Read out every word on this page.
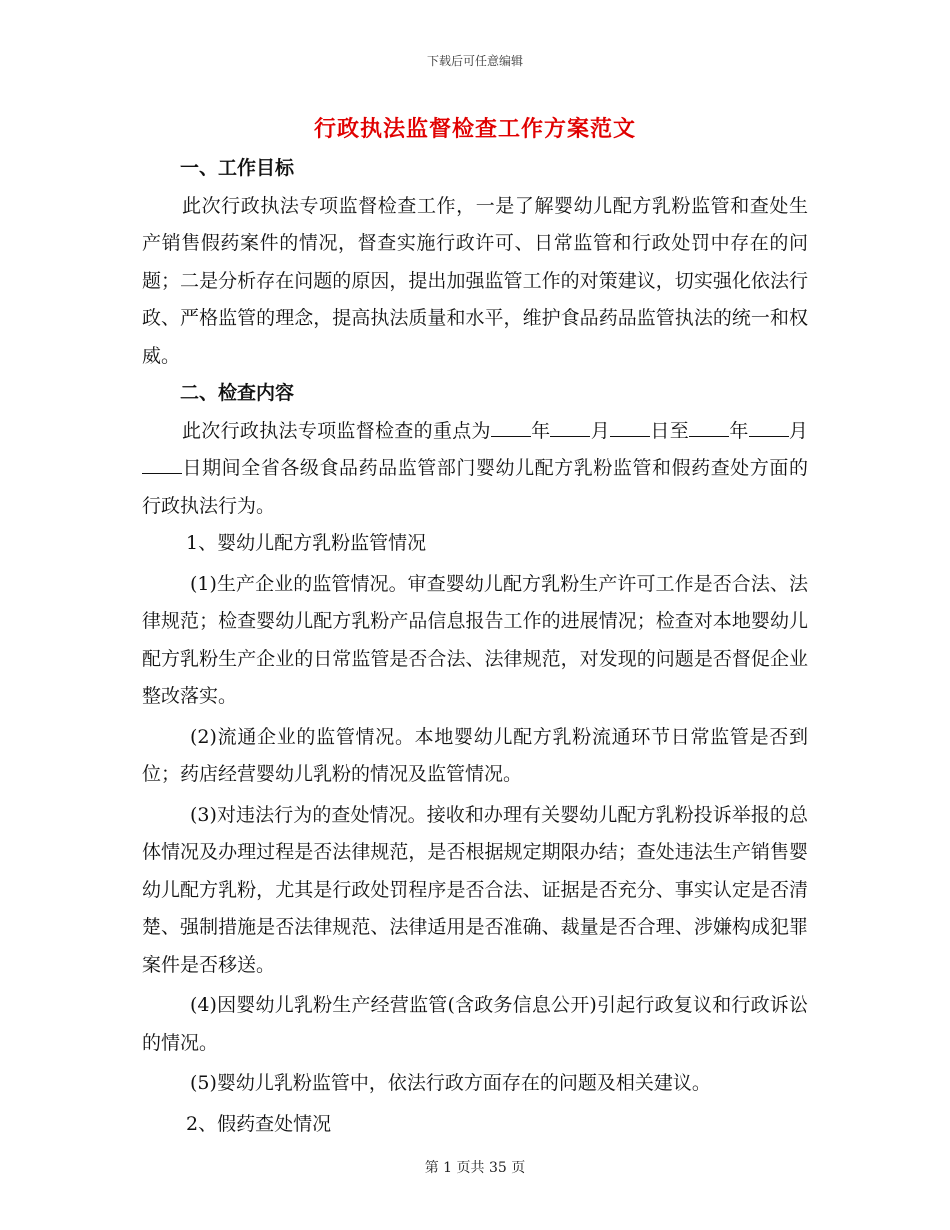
下载后可任意编辑
行政执法监督检查工作方案范文

一、工作目标

此次行政执法专项监督检查工作，一是了解婴幼儿配方乳粉监管和查处生产销售假药案件的情况，督查实施行政许可、日常监管和行政处罚中存在的问题；二是分析存在问题的原因，提出加强监管工作的对策建议，切实强化依法行政、严格监管的理念，提高执法质量和水平，维护食品药品监管执法的统一和权威。

二、检查内容

此次行政执法专项监督检查的重点为 年 月 日至 年 月日期间全省各级食品药品监管部门婴幼儿配方乳粉监管和假药查处方面的行政执法行为。

1、婴幼儿配方乳粉监管情况

(1)生产企业的监管情况。审查婴幼儿配方乳粉生产许可工作是否合法、法律规范；检查婴幼儿配方乳粉产品信息报告工作的进展情况；检查对本地婴幼儿配方乳粉生产企业的日常监管是否合法、法律规范，对发现的问题是否督促企业整改落实。

(2)流通企业的监管情况。本地婴幼儿配方乳粉流通环节日常监管是否到位；药店经营婴幼儿乳粉的情况及监管情况。

(3)对违法行为的查处情况。接收和办理有关婴幼儿配方乳粉投诉举报的总体情况及办理过程是否法律规范，是否根据规定期限办结；查处违法生产销售婴幼儿配方乳粉，尤其是行政处罚程序是否合法、证据是否充分、事实认定是否清楚、强制措施是否法律规范、法律适用是否准确、裁量是否合理、涉嫌构成犯罪案件是否移送。

(4)因婴幼儿乳粉生产经营监管(含政务信息公开)引起行政复议和行政诉讼的情况。

(5)婴幼儿乳粉监管中，依法行政方面存在的问题及相关建议。

2、假药查处情况

第 1 页共 35 页
